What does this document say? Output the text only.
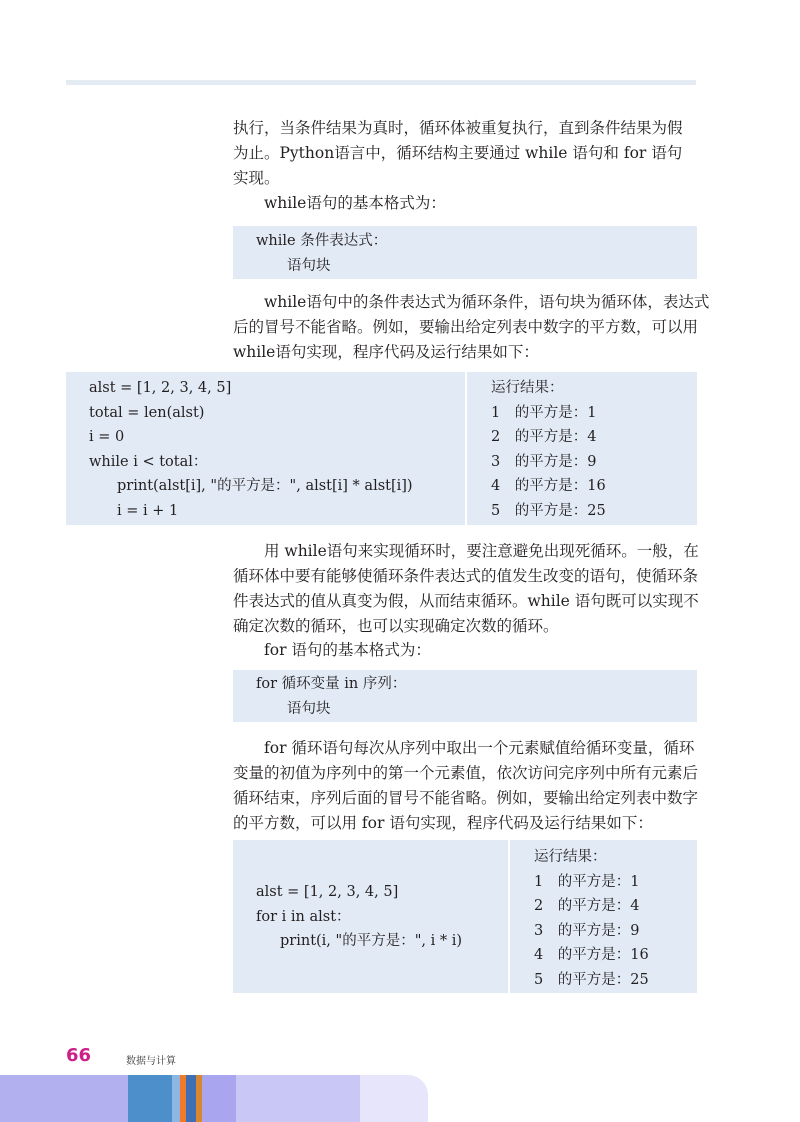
执行，当条件结果为真时，循环体被重复执行，直到条件结果为假
为止。Python语言中，循环结构主要通过 while 语句和 for 语句
实现。

while语句的基本格式为：

while 条件表达式：
语句块

while语句中的条件表达式为循环条件，语句块为循环体，表达式
后的冒号不能省略。例如，要输出给定列表中数字的平方数，可以用
while语句实现，程序代码及运行结果如下：

alst = [1, 2, 3, 4, 5]
total = len(alst)
i = 0
while i < total：
print(alst[i], "的平方是：", alst[i] * alst[i])
i = i + 1
运行结果：
1　的平方是：1
2　的平方是：4
3　的平方是：9
4　的平方是：16
5　的平方是：25

用 while语句来实现循环时，要注意避免出现死循环。一般，在
循环体中要有能够使循环条件表达式的值发生改变的语句，使循环条
件表达式的值从真变为假，从而结束循环。while 语句既可以实现不
确定次数的循环，也可以实现确定次数的循环。

for 语句的基本格式为：

for 循环变量 in 序列：
语句块

for 循环语句每次从序列中取出一个元素赋值给循环变量，循环
变量的初值为序列中的第一个元素值，依次访问完序列中所有元素后
循环结束，序列后面的冒号不能省略。例如，要输出给定列表中数字
的平方数，可以用 for 语句实现，程序代码及运行结果如下：

alst = [1, 2, 3, 4, 5]
for i in alst：
print(i, "的平方是：", i * i)
运行结果：
1　的平方是：1
2　的平方是：4
3　的平方是：9
4　的平方是：16
5　的平方是：25
66	数据与计算
